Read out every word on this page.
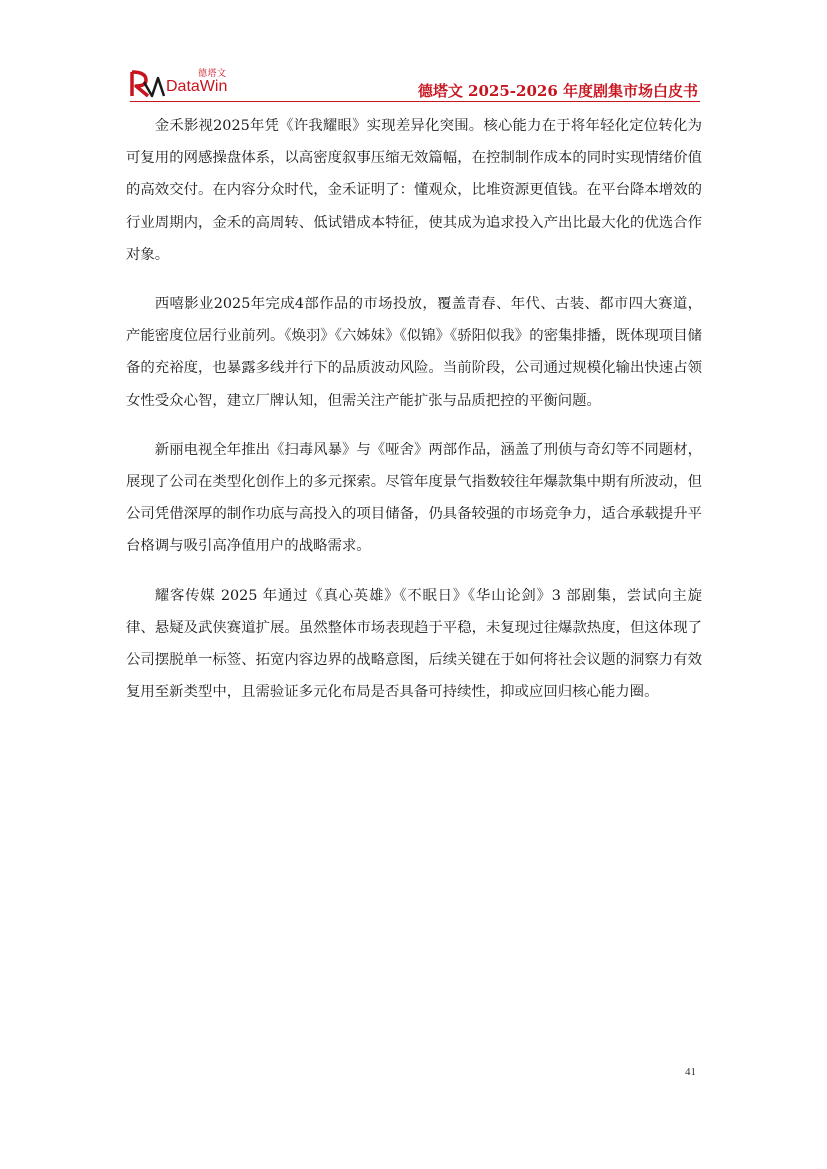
德塔文
DataWin	德塔文 2025-2026 年度剧集市场白皮书

金禾影视2025年凭《许我耀眼》实现差异化突围。核心能力在于将年轻化定位转化为可复用的网感操盘体系，以高密度叙事压缩无效篇幅，在控制制作成本的同时实现情绪价值的高效交付。在内容分众时代，金禾证明了：懂观众，比堆资源更值钱。在平台降本增效的行业周期内，金禾的高周转、低试错成本特征，使其成为追求投入产出比最大化的优选合作对象。

西嘻影业2025年完成4部作品的市场投放，覆盖青春、年代、古装、都市四大赛道，产能密度位居行业前列。《焕羽》《六姊妹》《似锦》《骄阳似我》的密集排播，既体现项目储备的充裕度，也暴露多线并行下的品质波动风险。当前阶段，公司通过规模化输出快速占领女性受众心智，建立厂牌认知，但需关注产能扩张与品质把控的平衡问题。

新丽电视全年推出《扫毒风暴》与《哑舍》两部作品，涵盖了刑侦与奇幻等不同题材，展现了公司在类型化创作上的多元探索。尽管年度景气指数较往年爆款集中期有所波动，但公司凭借深厚的制作功底与高投入的项目储备，仍具备较强的市场竞争力，适合承载提升平台格调与吸引高净值用户的战略需求。

耀客传媒 2025 年通过《真心英雄》《不眠日》《华山论剑》3 部剧集，尝试向主旋律、悬疑及武侠赛道扩展。虽然整体市场表现趋于平稳，未复现过往爆款热度，但这体现了公司摆脱单一标签、拓宽内容边界的战略意图，后续关键在于如何将社会议题的洞察力有效复用至新类型中，且需验证多元化布局是否具备可持续性，抑或应回归核心能力圈。

41
